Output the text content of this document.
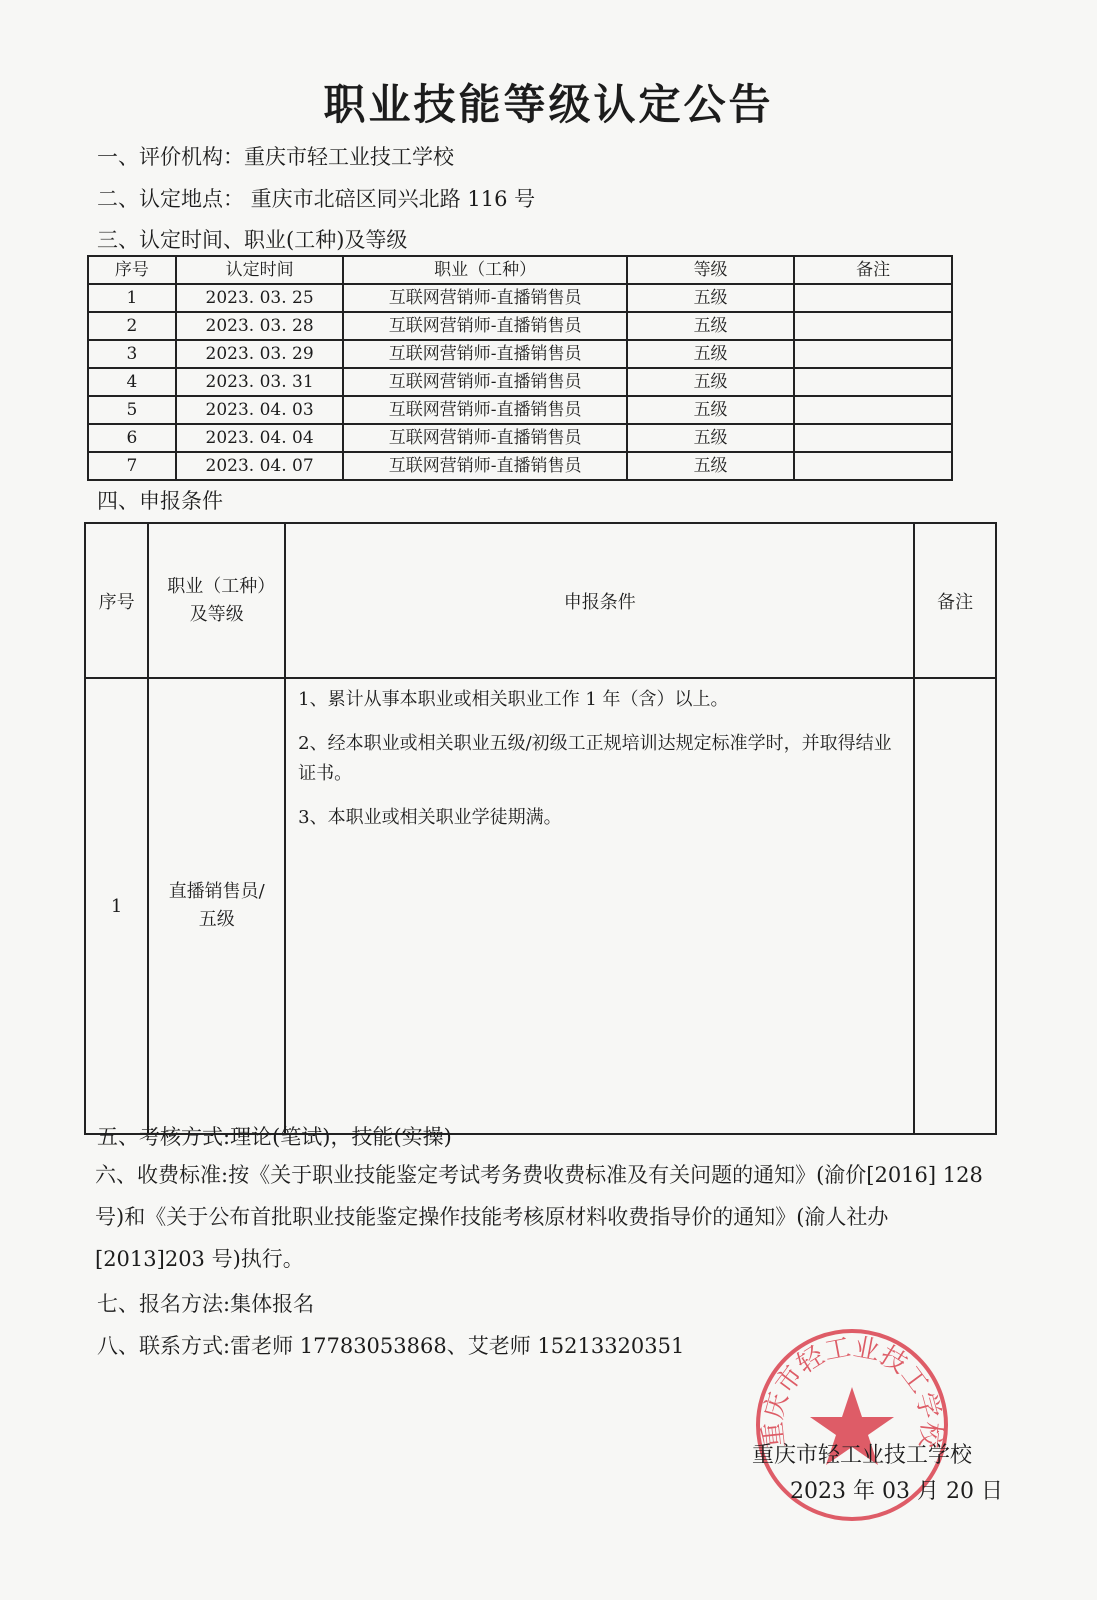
职业技能等级认定公告
一、评价机构：重庆市轻工业技工学校
二、认定地点： 重庆市北碚区同兴北路 116 号
三、认定时间、职业(工种)及等级
序号	认定时间	职业（工种）	等级	备注
1	2023. 03. 25	互联网营销师-直播销售员	五级	
2	2023. 03. 28	互联网营销师-直播销售员	五级	
3	2023. 03. 29	互联网营销师-直播销售员	五级	
4	2023. 03. 31	互联网营销师-直播销售员	五级	
5	2023. 04. 03	互联网营销师-直播销售员	五级	
6	2023. 04. 04	互联网营销师-直播销售员	五级	
7	2023. 04. 07	互联网营销师-直播销售员	五级	
四、申报条件
序号	职业（工种）及等级	申报条件	备注
1	直播销售员/五级	1、累计从事本职业或相关职业工作 1 年（含）以上。

2、经本职业或相关职业五级/初级工正规培训达规定标准学时，并取得结业证书。

3、本职业或相关职业学徒期满。	

五、考核方式:理论(笔试)，技能(实操)
六、收费标准:按《关于职业技能鉴定考试考务费收费标准及有关问题的通知》(渝价[2016] 128 号)和《关于公布首批职业技能鉴定操作技能考核原材料收费指导价的通知》(渝人社办[2013]203 号)执行。
七、报名方法:集体报名
八、联系方式:雷老师 17783053868、艾老师 15213320351
重庆市轻工业技工学校
重庆市轻工业技工学校
2023 年 03 月 20 日
